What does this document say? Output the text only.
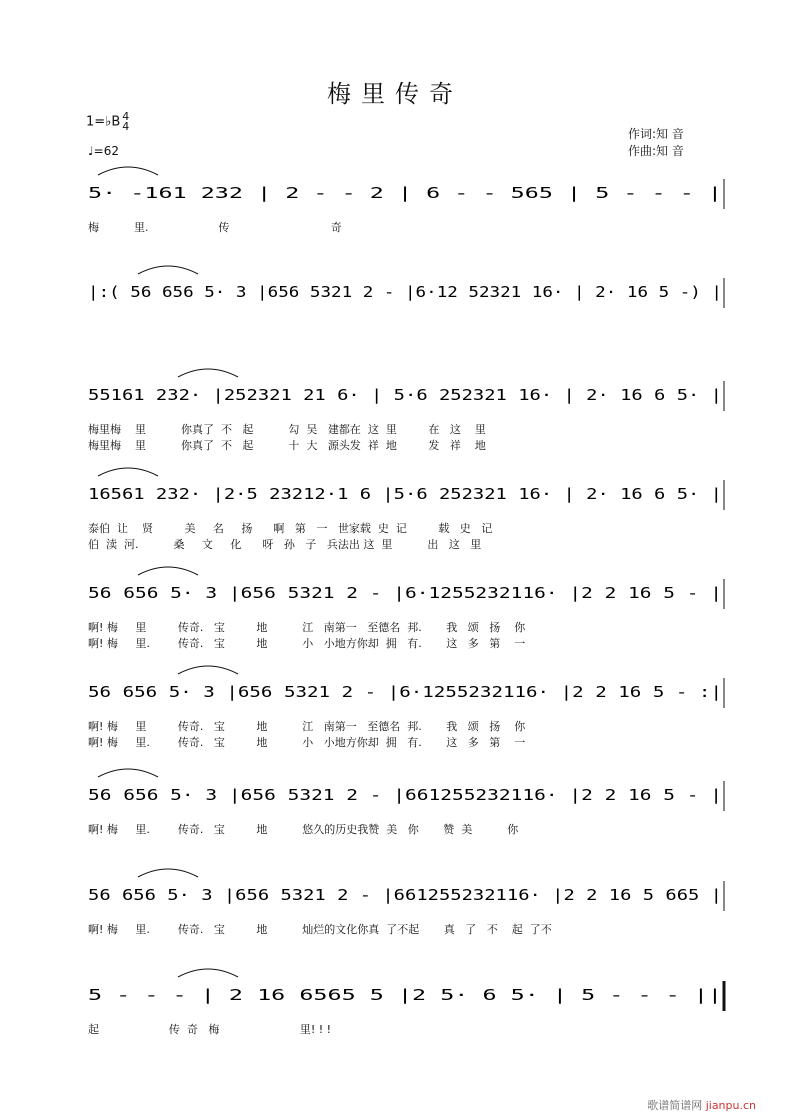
梅里传奇
1=♭B 4
4
♩=62
作词:知 音
作曲:知 音
5· -161 232 | 2 - - 2 | 6 - - 565 | 5 - - - |
|:( 56 656 5· 3 |656 5321 2 - |6·12 52321 16· | 2· 16 5 -) |
55161 232· |252321 21 6· | 5·6 252321 16· | 2· 16 6 5· |
16561 232· |2·5 23212·1 6 |5·6 252321 16· | 2· 16 6 5· |
56 656 5· 3 |656 5321 2 - |6·1255232116· |2 2 16 5 - |
56 656 5· 3 |656 5321 2 - |6·1255232116· |2 2 16 5 - :|
56 656 5· 3 |656 5321 2 - |661255232116· |2 2 16 5 - |
56 656 5· 3 |656 5321 2 - |661255232116· |2 2 16 5 665 |
5 - - - | 2 16 6565 5 |2 5· 6 5· | 5 - - - ||
梅          里.                    传                             奇
梅里梅    里          你真了  不   起          勾  吴   建都在  这  里         在   这    里
梅里梅    里          你真了  不   起          十  大   源头发  祥  地         发   祥    地
泰伯  让    贤         美     名     扬      啊   第   一   世家载  史  记         载   史   记
伯  渎  河.          桑     文     化      呀   孙   子   兵法出 这  里          出   这   里
啊! 梅     里         传奇.   宝         地          江   南第一   至德名  邦.       我   颂   扬    你
啊! 梅     里.        传奇.   宝         地          小   小地方你却  拥   有.       这   多   第    一
啊! 梅     里         传奇.   宝         地          江   南第一   至德名  邦.       我   颂   扬    你
啊! 梅     里.        传奇.   宝         地          小   小地方你却  拥   有.       这   多   第    一
啊! 梅     里.        传奇.   宝         地          悠久的历史我赞  美   你       赞  美          你
啊! 梅     里.        传奇.   宝         地          灿烂的文化你真  了不起       真   了   不    起  了不
起                    传  奇   梅                       里! ! !
歌谱简谱网 jianpu.cn
